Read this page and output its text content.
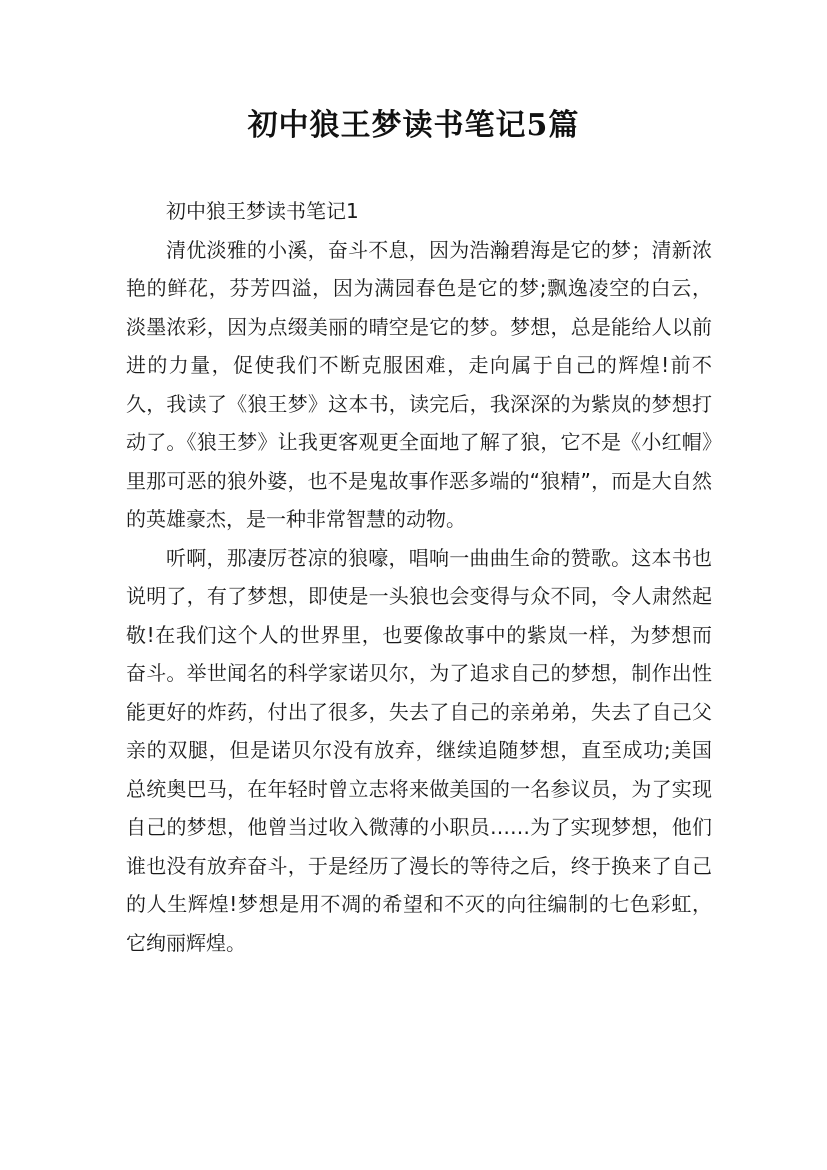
初中狼王梦读书笔记5篇

初中狼王梦读书笔记1

清优淡雅的小溪，奋斗不息，因为浩瀚碧海是它的梦；清新浓艳的鲜花，芬芳四溢，因为满园春色是它的梦;飘逸凌空的白云，淡墨浓彩，因为点缀美丽的晴空是它的梦。梦想，总是能给人以前进的力量，促使我们不断克服困难，走向属于自己的辉煌!前不久，我读了《狼王梦》这本书，读完后，我深深的为紫岚的梦想打动了。《狼王梦》让我更客观更全面地了解了狼，它不是《小红帽》里那可恶的狼外婆，也不是鬼故事作恶多端的“狼精”，而是大自然的英雄豪杰，是一种非常智慧的动物。

听啊，那凄厉苍凉的狼嚎，唱响一曲曲生命的赞歌。这本书也说明了，有了梦想，即使是一头狼也会变得与众不同，令人肃然起敬!在我们这个人的世界里，也要像故事中的紫岚一样，为梦想而奋斗。举世闻名的科学家诺贝尔，为了追求自己的梦想，制作出性能更好的炸药，付出了很多，失去了自己的亲弟弟，失去了自己父亲的双腿，但是诺贝尔没有放弃，继续追随梦想，直至成功;美国总统奥巴马，在年轻时曾立志将来做美国的一名参议员，为了实现自己的梦想，他曾当过收入微薄的小职员……为了实现梦想，他们谁也没有放弃奋斗，于是经历了漫长的等待之后，终于换来了自己的人生辉煌!梦想是用不凋的希望和不灭的向往编制的七色彩虹，它绚丽辉煌。
